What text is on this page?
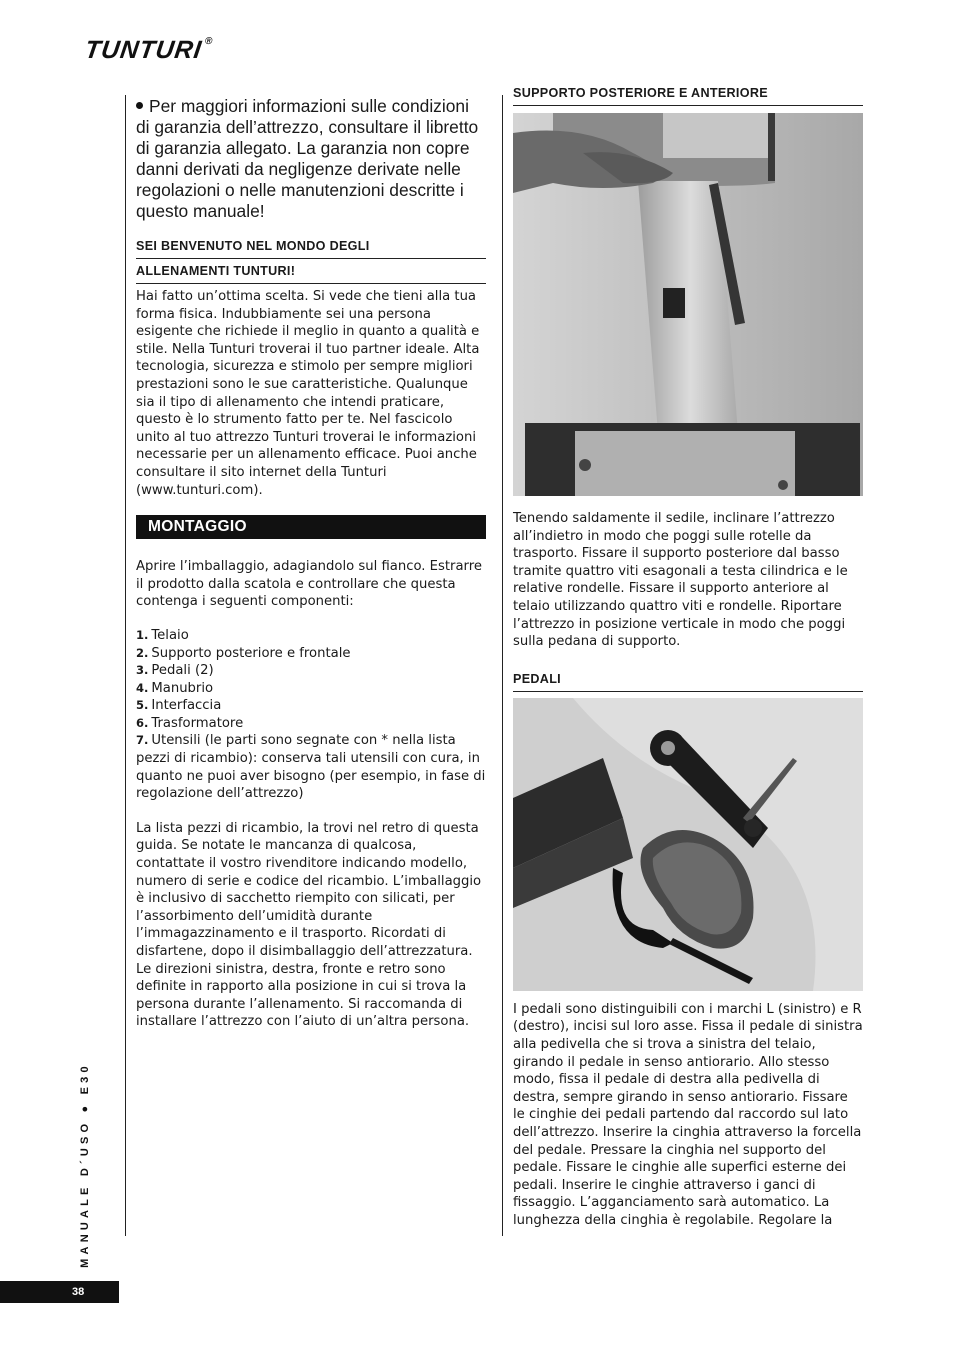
TUNTURI®

Per maggiori informazioni sulle condizioni di garanzia dell’attrezzo, consultare il libretto di garanzia allegato. La garanzia non copre danni derivati da negligenze derivate nelle regolazioni o nelle manutenzioni descritte i questo manuale!

SEI BENVENUTO NEL MONDO DEGLI
ALLENAMENTI TUNTURI!

Hai fatto un’ottima scelta. Si vede che tieni alla tua forma fisica. Indubbiamente sei una persona esigente che richiede il meglio in quanto a qualità e stile. Nella Tunturi troverai il tuo partner ideale. Alta tecnologia, sicurezza e stimolo per sempre migliori prestazioni sono le sue caratteristiche. Qualunque sia il tipo di allenamento che intendi praticare, questo è lo strumento fatto per te. Nel fascicolo unito al tuo attrezzo Tunturi troverai le informazioni necessarie per un allenamento efficace. Puoi anche consultare il sito internet della Tunturi (www.tunturi.com).

MONTAGGIO

Aprire l’imballaggio, adagiandolo sul fianco. Estrarre il prodotto dalla scatola e controllare che questa contenga i seguenti componenti:

1. Telaio
2. Supporto posteriore e frontale
3. Pedali (2)
4. Manubrio
5. Interfaccia
6. Trasformatore
7. Utensili (le parti sono segnate con * nella lista pezzi di ricambio): conserva tali utensili con cura, in quanto ne puoi aver bisogno (per esempio, in fase di regolazione dell’attrezzo)

La lista pezzi di ricambio, la trovi nel retro di questa guida. Se notate le mancanza di qualcosa, contattate il vostro rivenditore indicando modello, numero di serie e codice del ricambio. L’imballaggio è inclusivo di sacchetto riempito con silicati, per l’assorbimento dell’umidità durante l’immagazzinamento e il trasporto. Ricordati di disfartene, dopo il disimballaggio dell’attrezzatura. Le direzioni sinistra, destra, fronte e retro sono definite in rapporto alla posizione in cui si trova la persona durante l’allenamento. Si raccomanda di installare l’attrezzo con l’aiuto di un’altra persona.

SUPPORTO POSTERIORE E ANTERIORE

Tenendo saldamente il sedile, inclinare l’attrezzo all’indietro in modo che poggi sulle rotelle da trasporto. Fissare il supporto posteriore dal basso tramite quattro viti esagonali a testa cilindrica e le relative rondelle. Fissare il supporto anteriore al telaio utilizzando quattro viti e rondelle. Riportare l’attrezzo in posizione verticale in modo che poggi sulla pedana di supporto.

PEDALI

I pedali sono distinguibili con i marchi L (sinistro) e R (destro), incisi sul loro asse. Fissa il pedale di sinistra alla pedivella che si trova a sinistra del telaio, girando il pedale in senso antiorario. Allo stesso modo, fissa il pedale di destra alla pedivella di destra, sempre girando in senso antiorario. Fissare le cinghie dei pedali partendo dal raccordo sul lato dell’attrezzo. Inserire la cinghia attraverso la forcella del pedale. Pressare la cinghia nel supporto del pedale. Fissare le cinghie alle superfici esterne dei pedali. Inserire le cinghie attraverso i ganci di fissaggio. L’agganciamento sarà automatico. La lunghezza della cinghia è regolabile. Regolare la

MANUALE D´USO ● E30
38
